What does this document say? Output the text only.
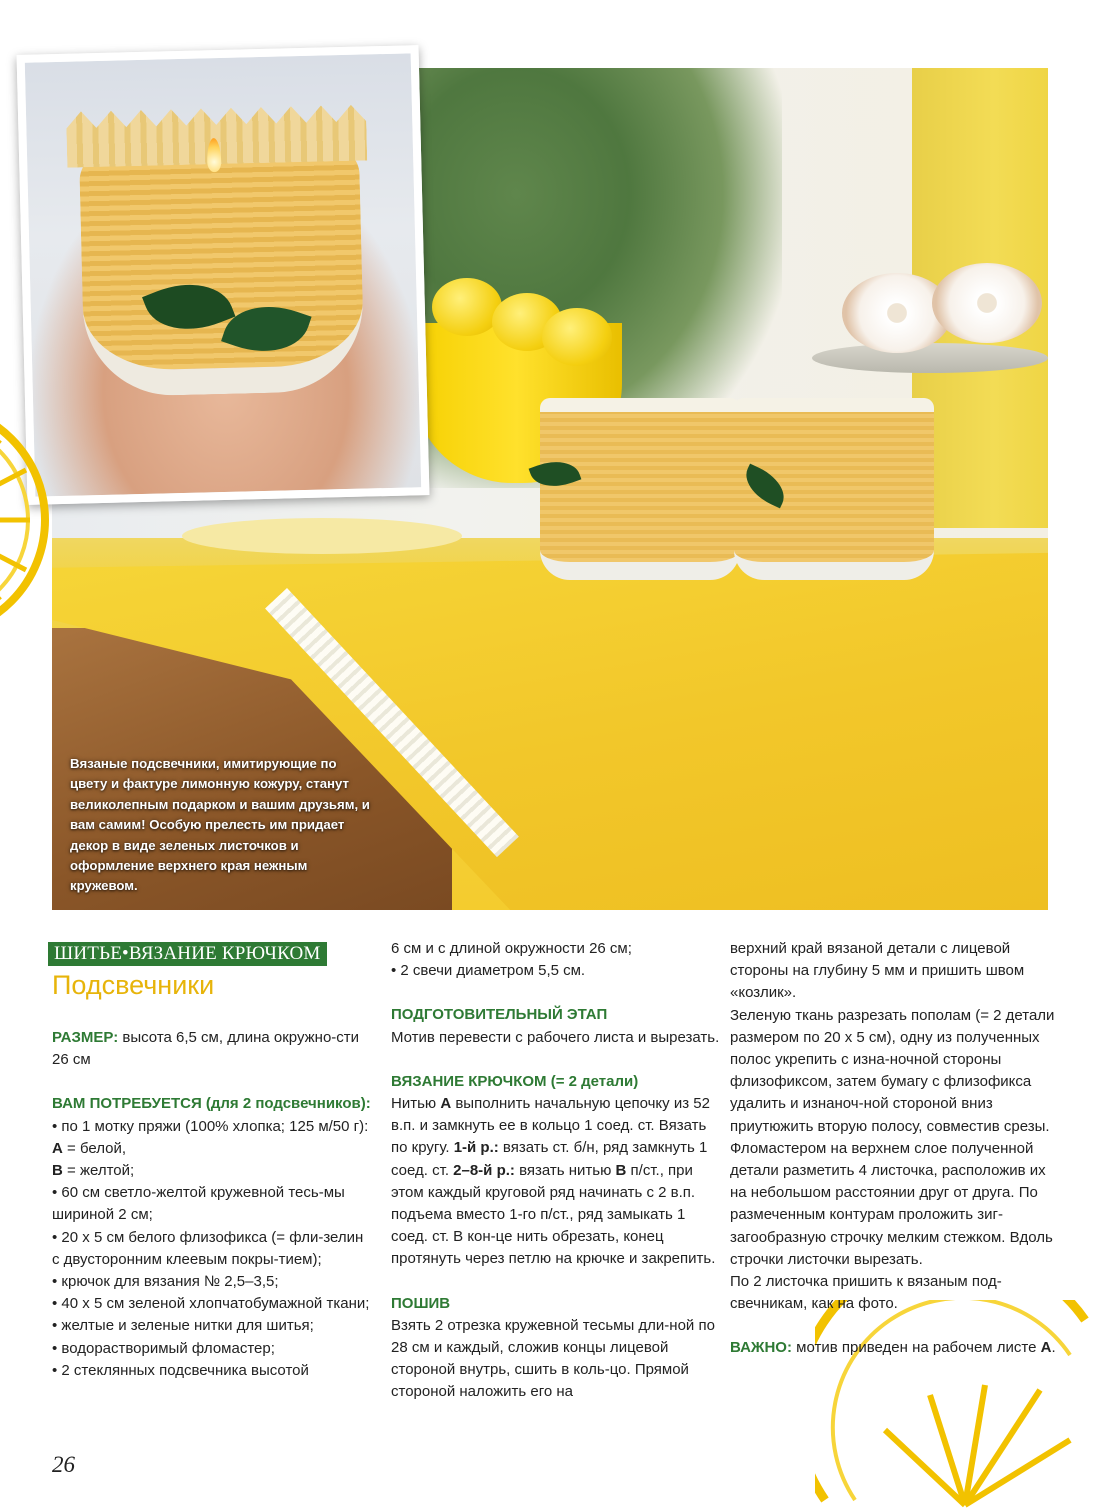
Вязаные подсвечники, имитирующие по цвету и фактуре лимонную кожуру, станут великолепным подарком и вашим друзьям, и вам самим! Особую прелесть им придает декор в виде зеленых листочков и оформление верхнего края нежным кружевом.
ШИТЬЕ•ВЯЗАНИЕ КРЮЧКОМ
Подсвечники

РАЗМЕР: высота 6,5 см, длина окружно-сти 26 см

ВАМ ПОТРЕБУЕТСЯ (для 2 подсвечников):

• по 1 мотку пряжи (100% хлопка; 125 м/50 г):

A = белой,

B = желтой;

• 60 см светло-желтой кружевной тесь-мы шириной 2 см;

• 20 х 5 см белого флизофикса (= фли-зелин с двусторонним клеевым покры-тием);

• крючок для вязания № 2,5–3,5;

• 40 х 5 см зеленой хлопчатобумажной ткани;

• желтые и зеленые нитки для шитья;

• водорастворимый фломастер;

• 2 стеклянных подсвечника высотой

6 см и с длиной окружности 26 см;

• 2 свечи диаметром 5,5 см.

ПОДГОТОВИТЕЛЬНЫЙ ЭТАП

Мотив перевести с рабочего листа и вырезать.

ВЯЗАНИЕ КРЮЧКОМ (= 2 детали)

Нитью А выполнить начальную цепочку из 52 в.п. и замкнуть ее в кольцо 1 соед. ст. Вязать по кругу. 1-й р.: вязать ст. б/н, ряд замкнуть 1 соед. ст. 2–8-й р.: вязать нитью В п/ст., при этом каждый круговой ряд начинать с 2 в.п. подъема вместо 1-го п/ст., ряд замыкать 1 соед. ст. В кон-це нить обрезать, конец протянуть через петлю на крючке и закрепить.

ПОШИВ

Взять 2 отрезка кружевной тесьмы дли-ной по 28 см и каждый, сложив концы лицевой стороной внутрь, сшить в коль-цо. Прямой стороной наложить его на

верхний край вязаной детали с лицевой стороны на глубину 5 мм и пришить швом «козлик».

Зеленую ткань разрезать пополам (= 2 детали размером по 20 х 5 см), одну из полученных полос укрепить с изна-ночной стороны флизофиксом, затем бумагу с флизофикса удалить и изнаноч-ной стороной вниз приутюжить вторую полосу, совместив срезы. Фломастером на верхнем слое полученной детали разметить 4 листочка, расположив их на небольшом расстоянии друг от друга. По размеченным контурам проложить зиг-загообразную строчку мелким стежком. Вдоль строчки листочки вырезать.

По 2 листочка пришить к вязаным под-свечникам, как на фото.

ВАЖНО: мотив приведен на рабочем листе А.

26
